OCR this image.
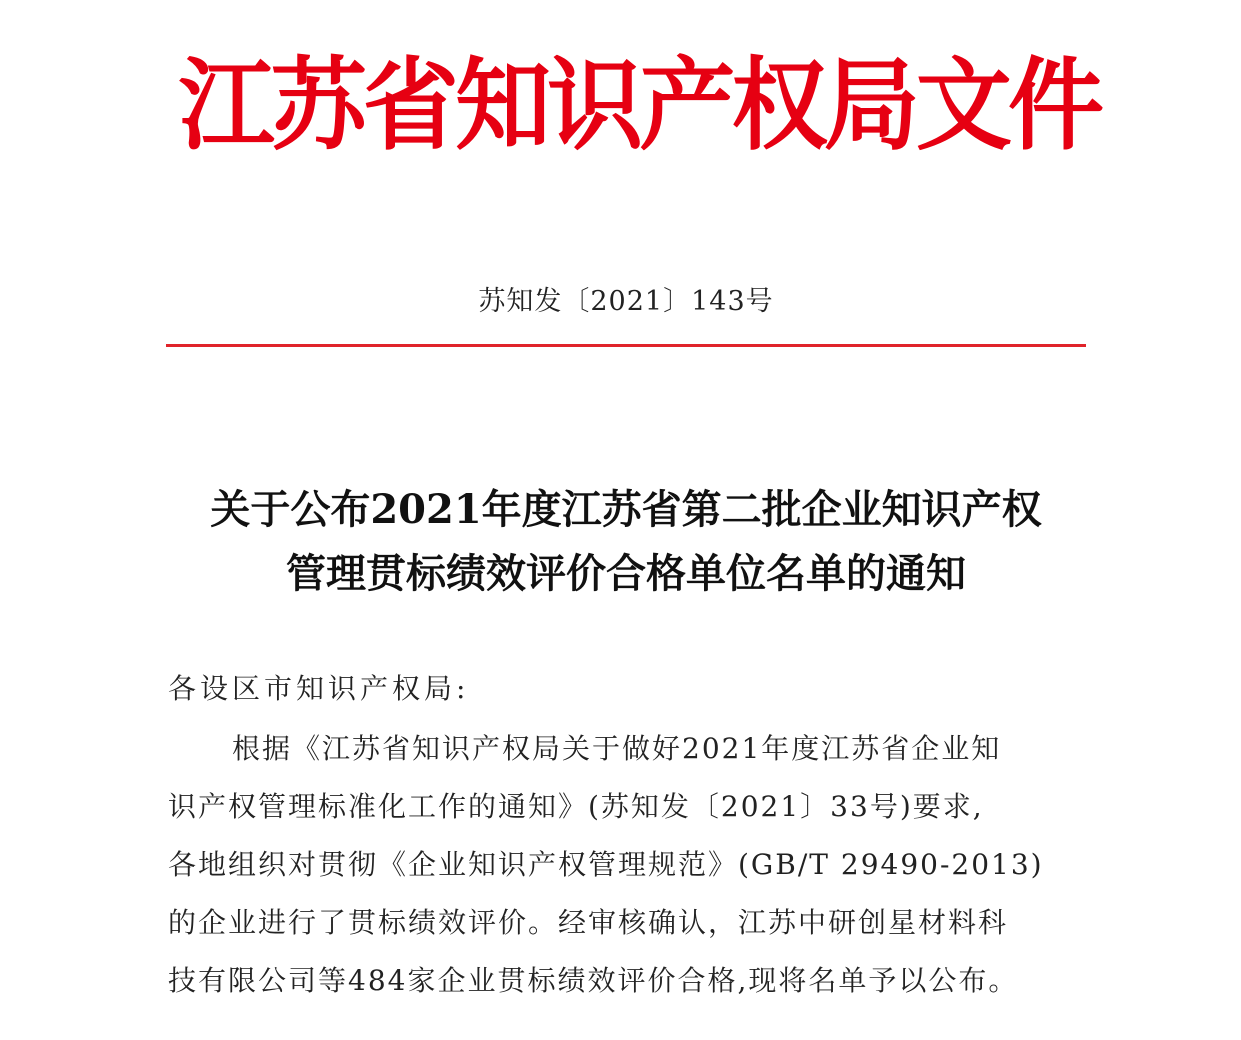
江苏省知识产权局文件
苏知发〔2021〕143号
关于公布2021年度江苏省第二批企业知识产权
管理贯标绩效评价合格单位名单的通知
各设区市知识产权局:
根据《江苏省知识产权局关于做好2021年度江苏省企业知
识产权管理标准化工作的通知》(苏知发〔2021〕33号)要求,
各地组织对贯彻《企业知识产权管理规范》(GB/T 29490-2013)
的企业进行了贯标绩效评价。经审核确认，江苏中研创星材料科
技有限公司等484家企业贯标绩效评价合格,现将名单予以公布。
